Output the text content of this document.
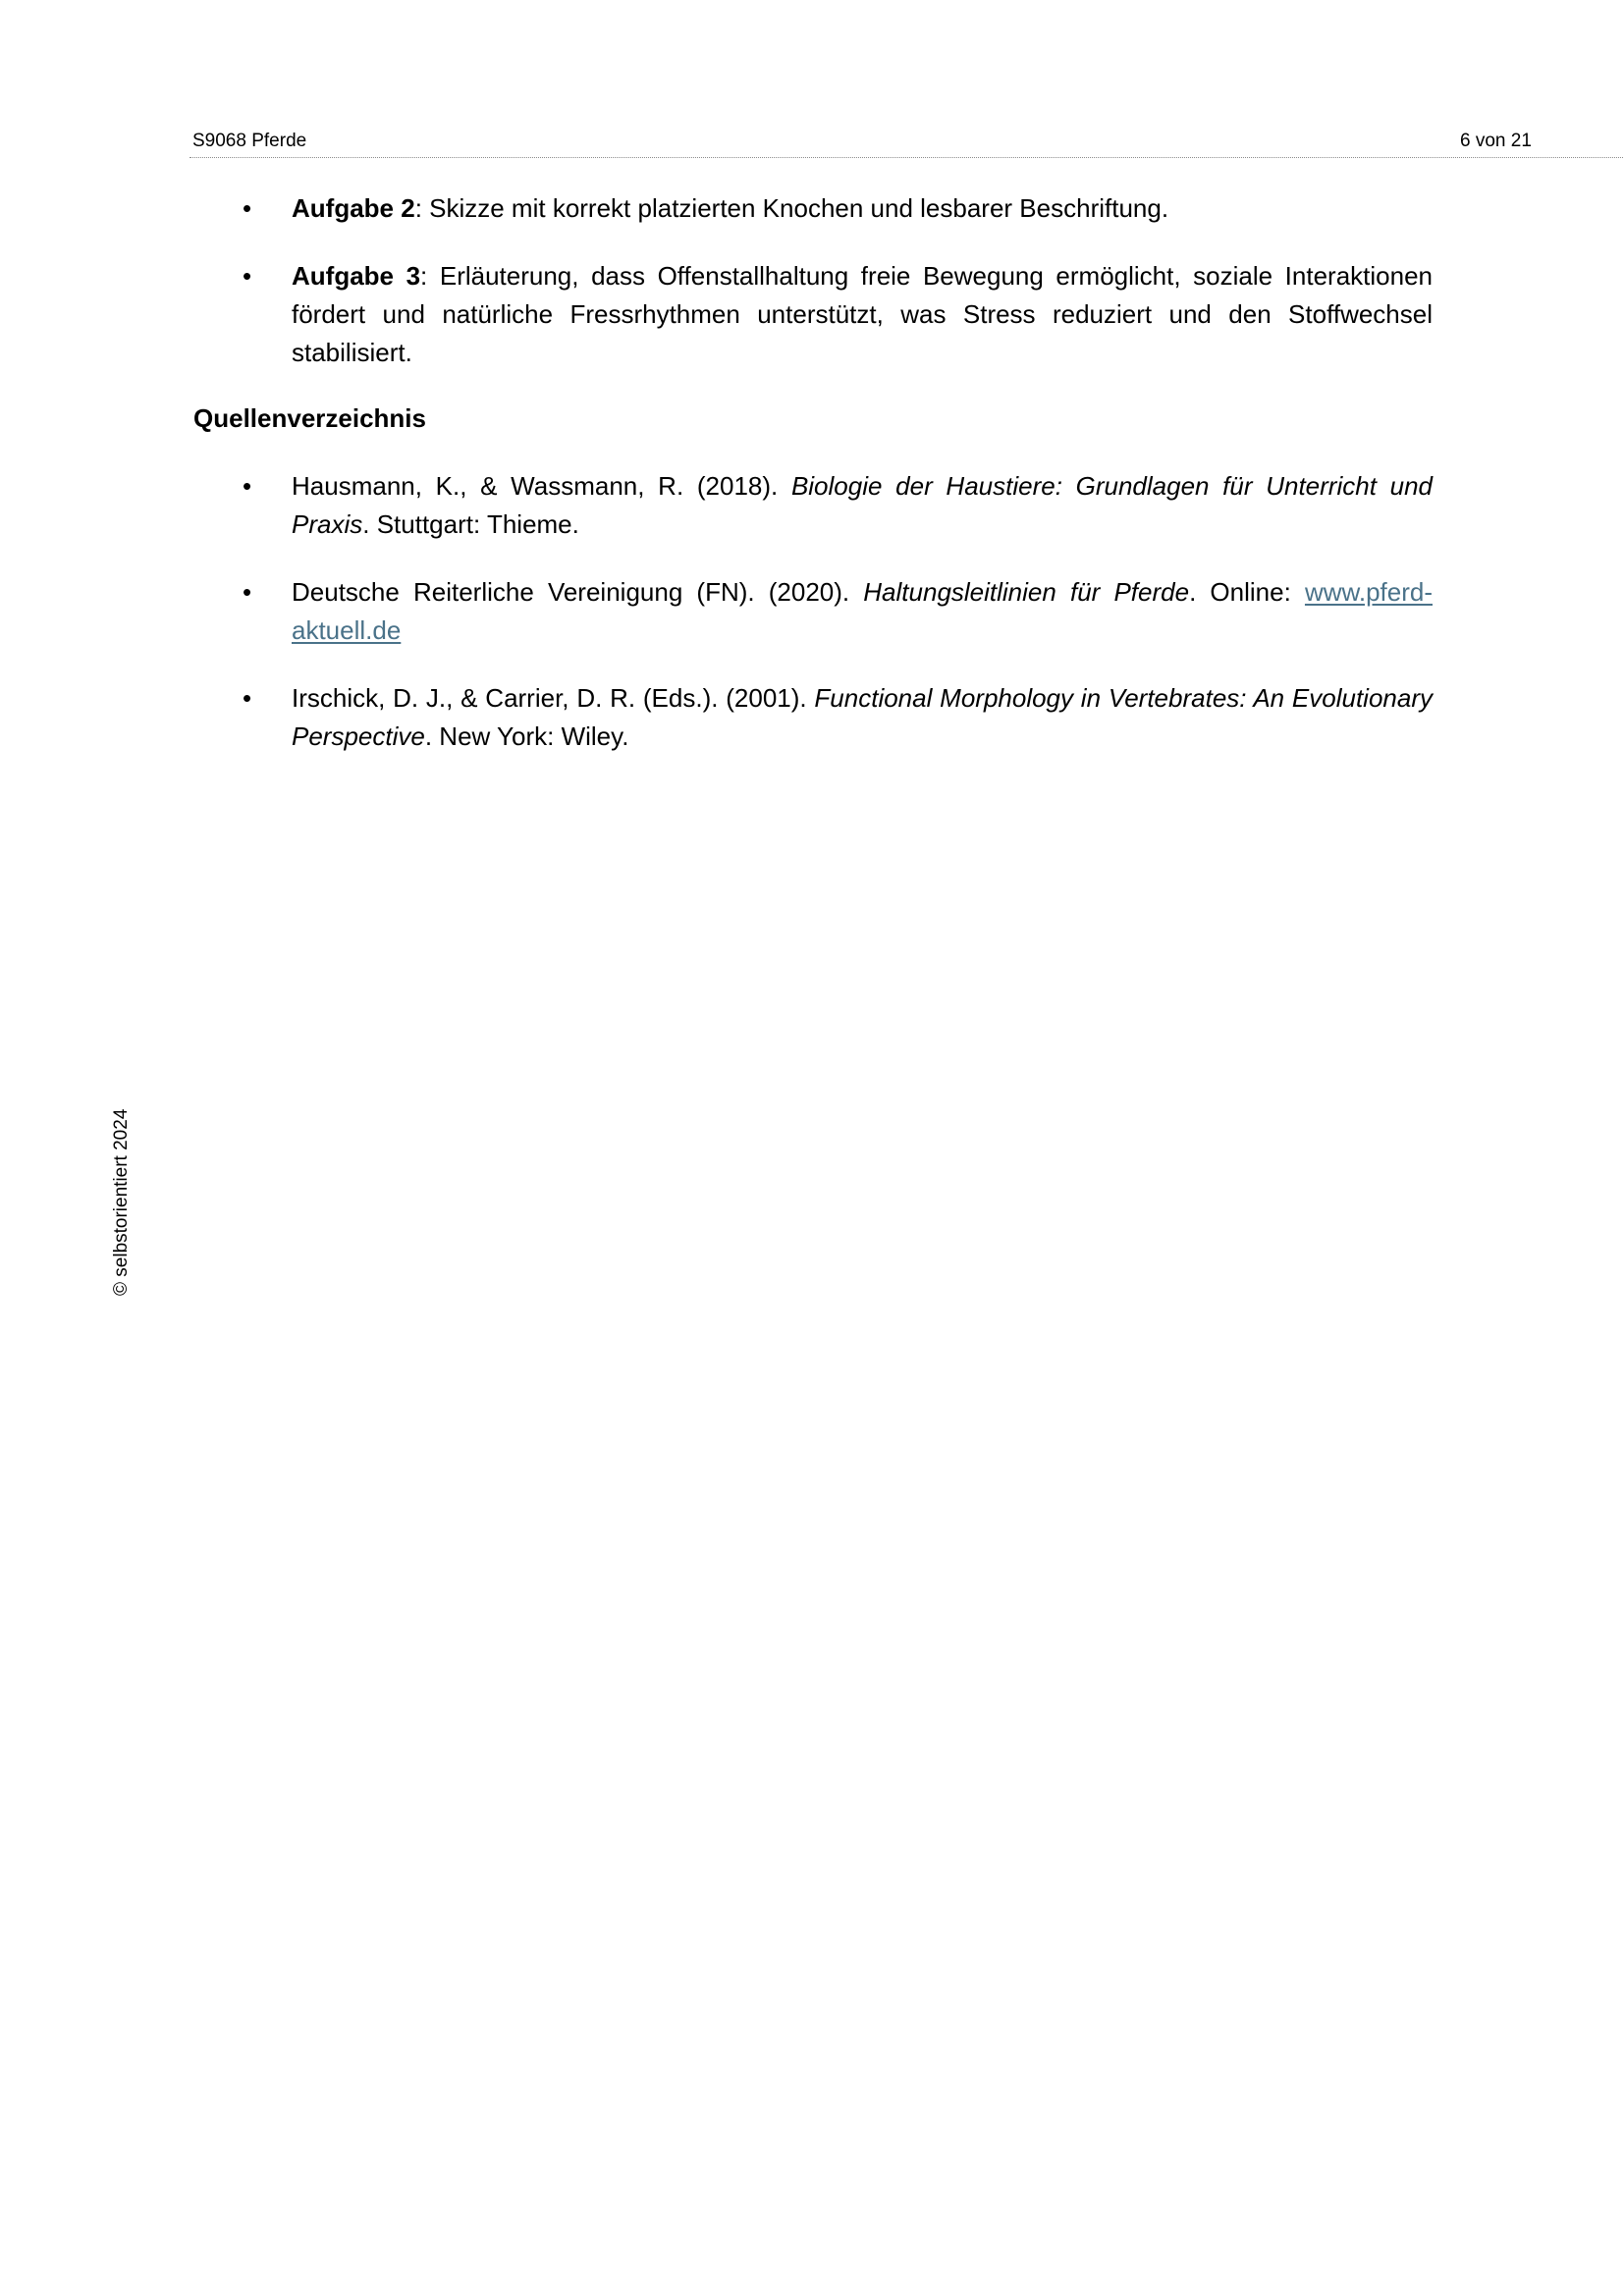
S9068 Pferde	6 von 21
• Aufgabe 2: Skizze mit korrekt platzierten Knochen und lesbarer Beschriftung.
• Aufgabe 3: Erläuterung, dass Offenstallhaltung freie Bewegung ermöglicht, soziale Interaktionen fördert und natürliche Fressrhythmen unterstützt, was Stress reduziert und den Stoffwechsel stabilisiert.
Quellenverzeichnis
• Hausmann, K., & Wassmann, R. (2018). Biologie der Haustiere: Grundlagen für Unterricht und Praxis. Stuttgart: Thieme.
• Deutsche Reiterliche Vereinigung (FN). (2020). Haltungsleitlinien für Pferde. Online: www.pferd-aktuell.de
• Irschick, D. J., & Carrier, D. R. (Eds.). (2001). Functional Morphology in Vertebrates: An Evolutionary Perspective. New York: Wiley.
© selbstorientiert 2024
